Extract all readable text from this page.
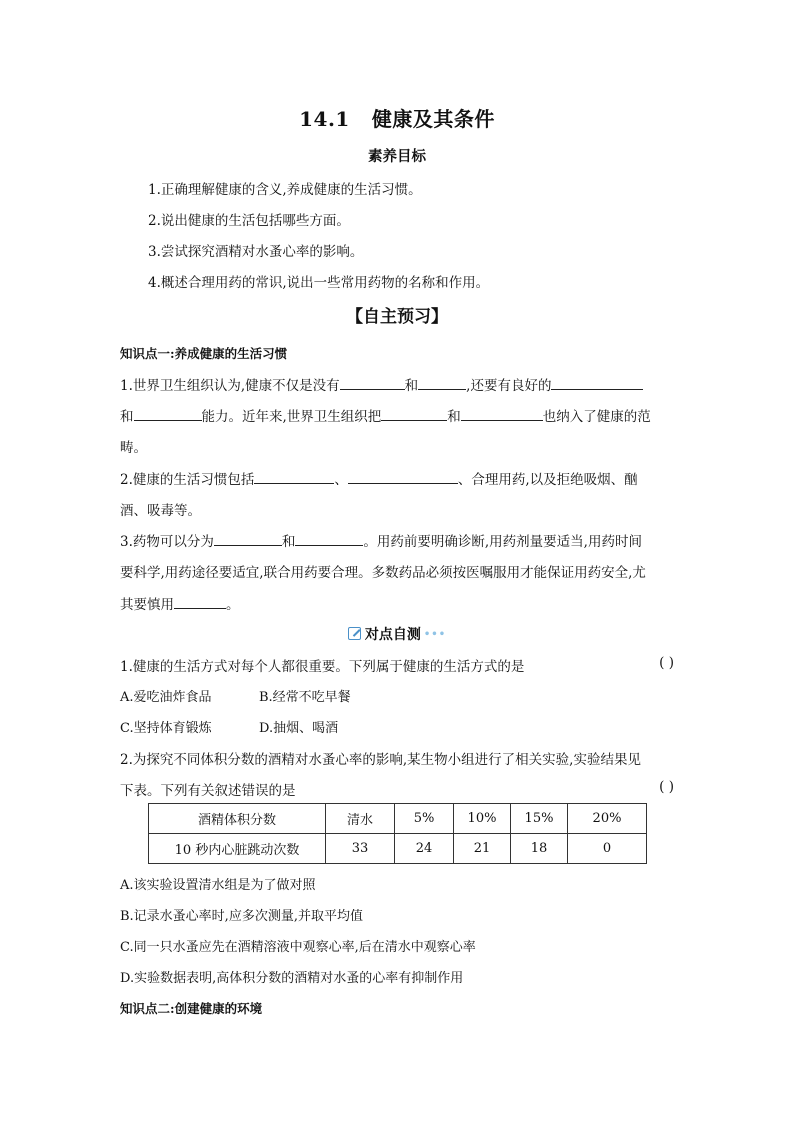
14.1 健康及其条件
素养目标
1.正确理解健康的含义,养成健康的生活习惯。
2.说出健康的生活包括哪些方面。
3.尝试探究酒精对水蚤心率的影响。
4.概述合理用药的常识,说出一些常用药物的名称和作用。
【自主预习】
知识点一:养成健康的生活习惯
1.世界卫生组织认为,健康不仅是没有	和	,还要有良好的
和	能力。近年来,世界卫生组织把	和	也纳入了健康的范
畴。
2.健康的生活习惯包括	、	、合理用药,以及拒绝吸烟、酗
酒、吸毒等。
3.药物可以分为	和	。用药前要明确诊断,用药剂量要适当,用药时间
要科学,用药途径要适宜,联合用药要合理。多数药品必须按医嘱服用才能保证用药安全,尤
其要慎用	。
对点自测 •••
1.健康的生活方式对每个人都很重要。下列属于健康的生活方式的是	( )
A.爱吃油炸食品	B.经常不吃早餐
C.坚持体育锻炼	D.抽烟、喝酒
2.为探究不同体积分数的酒精对水蚤心率的影响,某生物小组进行了相关实验,实验结果见
下表。下列有关叙述错误的是	( )
酒精体积分数	清水	5%	10%	15%	20%
10 秒内心脏跳动次数	33	24	21	18	0
A.该实验设置清水组是为了做对照
B.记录水蚤心率时,应多次测量,并取平均值
C.同一只水蚤应先在酒精溶液中观察心率,后在清水中观察心率
D.实验数据表明,高体积分数的酒精对水蚤的心率有抑制作用
知识点二:创建健康的环境
